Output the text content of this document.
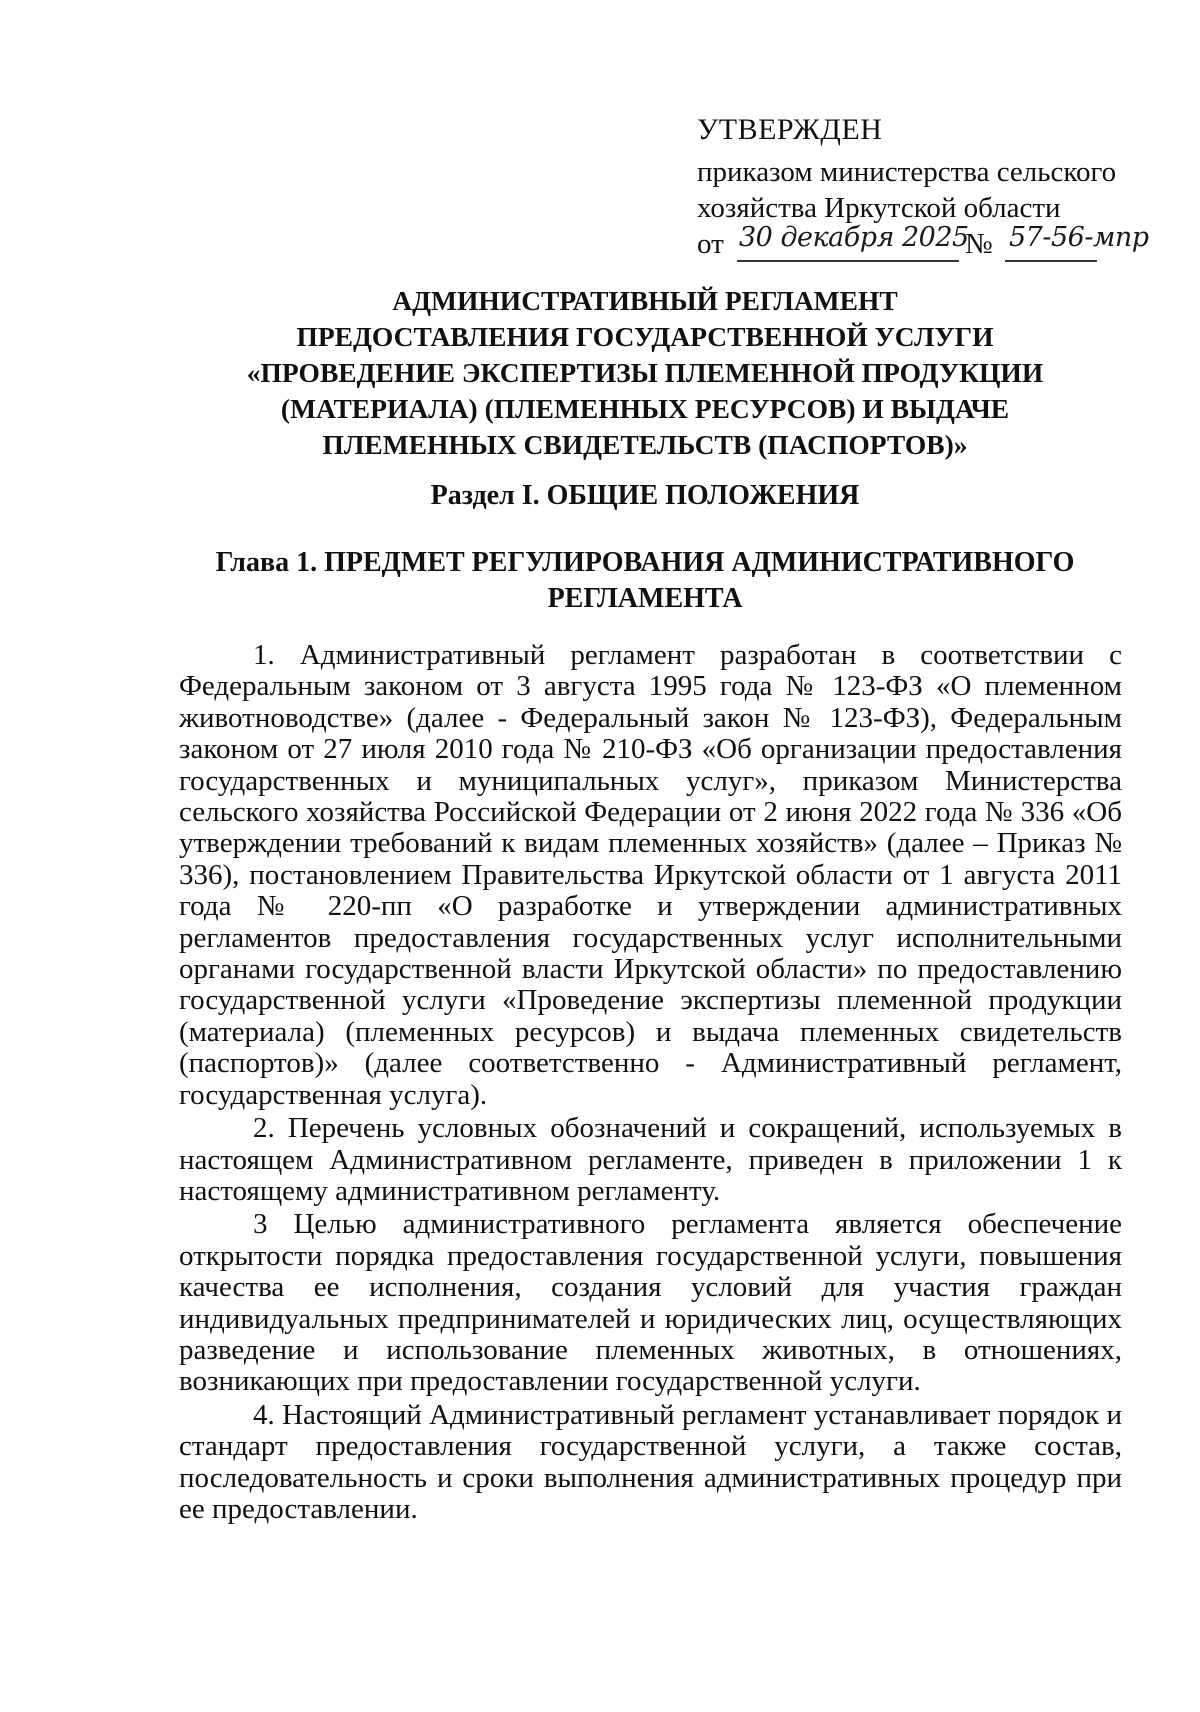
УТВЕРЖДЕН
приказом министерства сельского
хозяйства Иркутской области
от 30 декабря 2025
№ 57-56-мпр
АДМИНИСТРАТИВНЫЙ РЕГЛАМЕНТ
ПРЕДОСТАВЛЕНИЯ ГОСУДАРСТВЕННОЙ УСЛУГИ
«ПРОВЕДЕНИЕ ЭКСПЕРТИЗЫ ПЛЕМЕННОЙ ПРОДУКЦИИ
(МАТЕРИАЛА) (ПЛЕМЕННЫХ РЕСУРСОВ) И ВЫДАЧЕ
ПЛЕМЕННЫХ СВИДЕТЕЛЬСТВ (ПАСПОРТОВ)»
Раздел I. ОБЩИЕ ПОЛОЖЕНИЯ
Глава 1. ПРЕДМЕТ РЕГУЛИРОВАНИЯ АДМИНИСТРАТИВНОГО
РЕГЛАМЕНТА

1. Административный регламент разработан в соответствии с Федеральным законом от 3 августа 1995 года № 123-ФЗ «О племенном животноводстве» (далее - Федеральный закон № 123-ФЗ), Федеральным законом от 27 июля 2010 года № 210-ФЗ «Об организации предоставления государственных и муниципальных услуг», приказом Министерства сельского хозяйства Российской Федерации от 2 июня 2022 года № 336 «Об утверждении требований к видам племенных хозяйств» (далее – Приказ № 336), постановлением Правительства Иркутской области от 1 августа 2011 года № 220-пп «О разработке и утверждении административных регламентов предоставления государственных услуг исполнительными органами государственной власти Иркутской области» по предоставлению государственной услуги «Проведение экспертизы племенной продукции (материала) (племенных ресурсов) и выдача племенных свидетельств (паспортов)» (далее соответственно - Административный регламент, государственная услуга).

2. Перечень условных обозначений и сокращений, используемых в настоящем Административном регламенте, приведен в приложении 1 к настоящему административном регламенту.

3 Целью административного регламента является обеспечение открытости порядка предоставления государственной услуги, повышения качества ее исполнения, создания условий для участия граждан индивидуальных предпринимателей и юридических лиц, осуществляющих разведение и использование племенных животных, в отношениях, возникающих при предоставлении государственной услуги.

4. Настоящий Административный регламент устанавливает порядок и стандарт предоставления государственной услуги, а также состав, последовательность и сроки выполнения административных процедур при ее предоставлении.
